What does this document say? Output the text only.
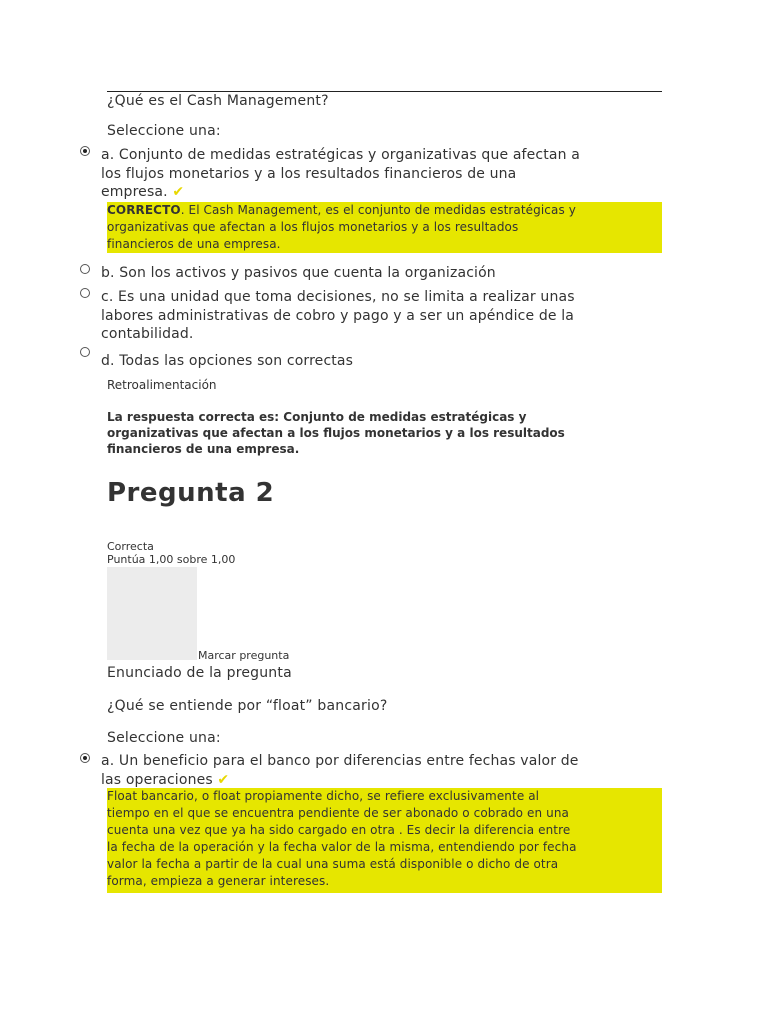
¿Qué es el Cash Management?
Seleccione una:
a. Conjunto de medidas estratégicas y organizativas que afectan a
los flujos monetarios y a los resultados financieros de una
empresa. ✔
CORRECTO. El Cash Management, es el conjunto de medidas estratégicas y
organizativas que afectan a los flujos monetarios y a los resultados
financieros de una empresa.
b. Son los activos y pasivos que cuenta la organización
c. Es una unidad que toma decisiones, no se limita a realizar unas
labores administrativas de cobro y pago y a ser un apéndice de la
contabilidad.
d. Todas las opciones son correctas
Retroalimentación
La respuesta correcta es: Conjunto de medidas estratégicas y
organizativas que afectan a los flujos monetarios y a los resultados
financieros de una empresa.
Pregunta 2
Correcta
Puntúa 1,00 sobre 1,00
Marcar pregunta
Enunciado de la pregunta
¿Qué se entiende por “float” bancario?
Seleccione una:
a. Un beneficio para el banco por diferencias entre fechas valor de
las operaciones ✔
Float bancario, o float propiamente dicho, se refiere exclusivamente al
tiempo en el que se encuentra pendiente de ser abonado o cobrado en una
cuenta una vez que ya ha sido cargado en otra . Es decir la diferencia entre
la fecha de la operación y la fecha valor de la misma, entendiendo por fecha
valor la fecha a partir de la cual una suma está disponible o dicho de otra
forma, empieza a generar intereses.
